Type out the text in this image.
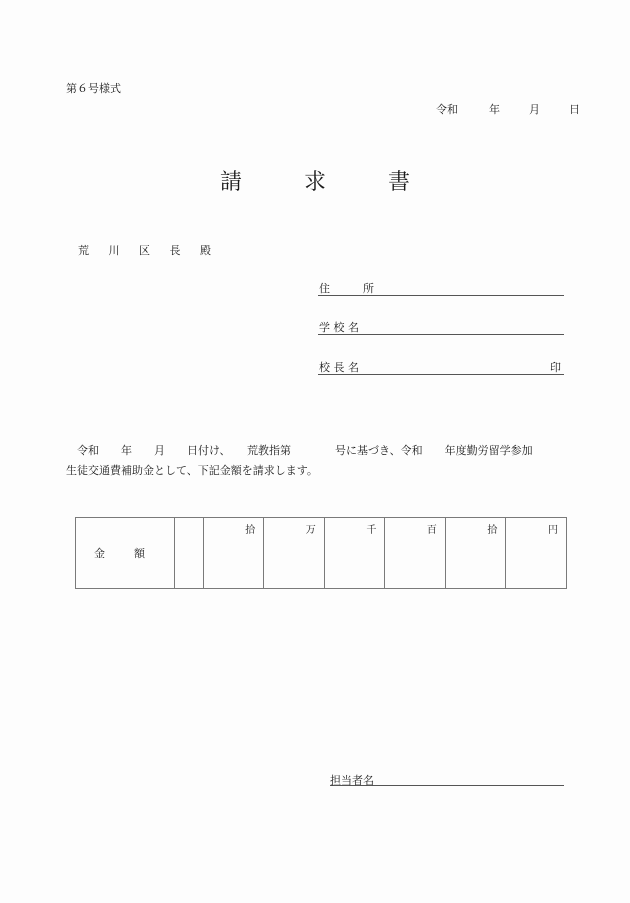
第６号様式
令和	年	月	日
請	求	書
荒 川 区 長 殿
住　　　所
学 校 名
校 長 名	印
　令和　　年　　月　　日付け、　　荒教指第　　　　号に基づき、令和　　年度勤労留学参加
生徒交通費補助金として、下記金額を請求します。
金	額		拾	万	千	百	拾	円
担当者名
